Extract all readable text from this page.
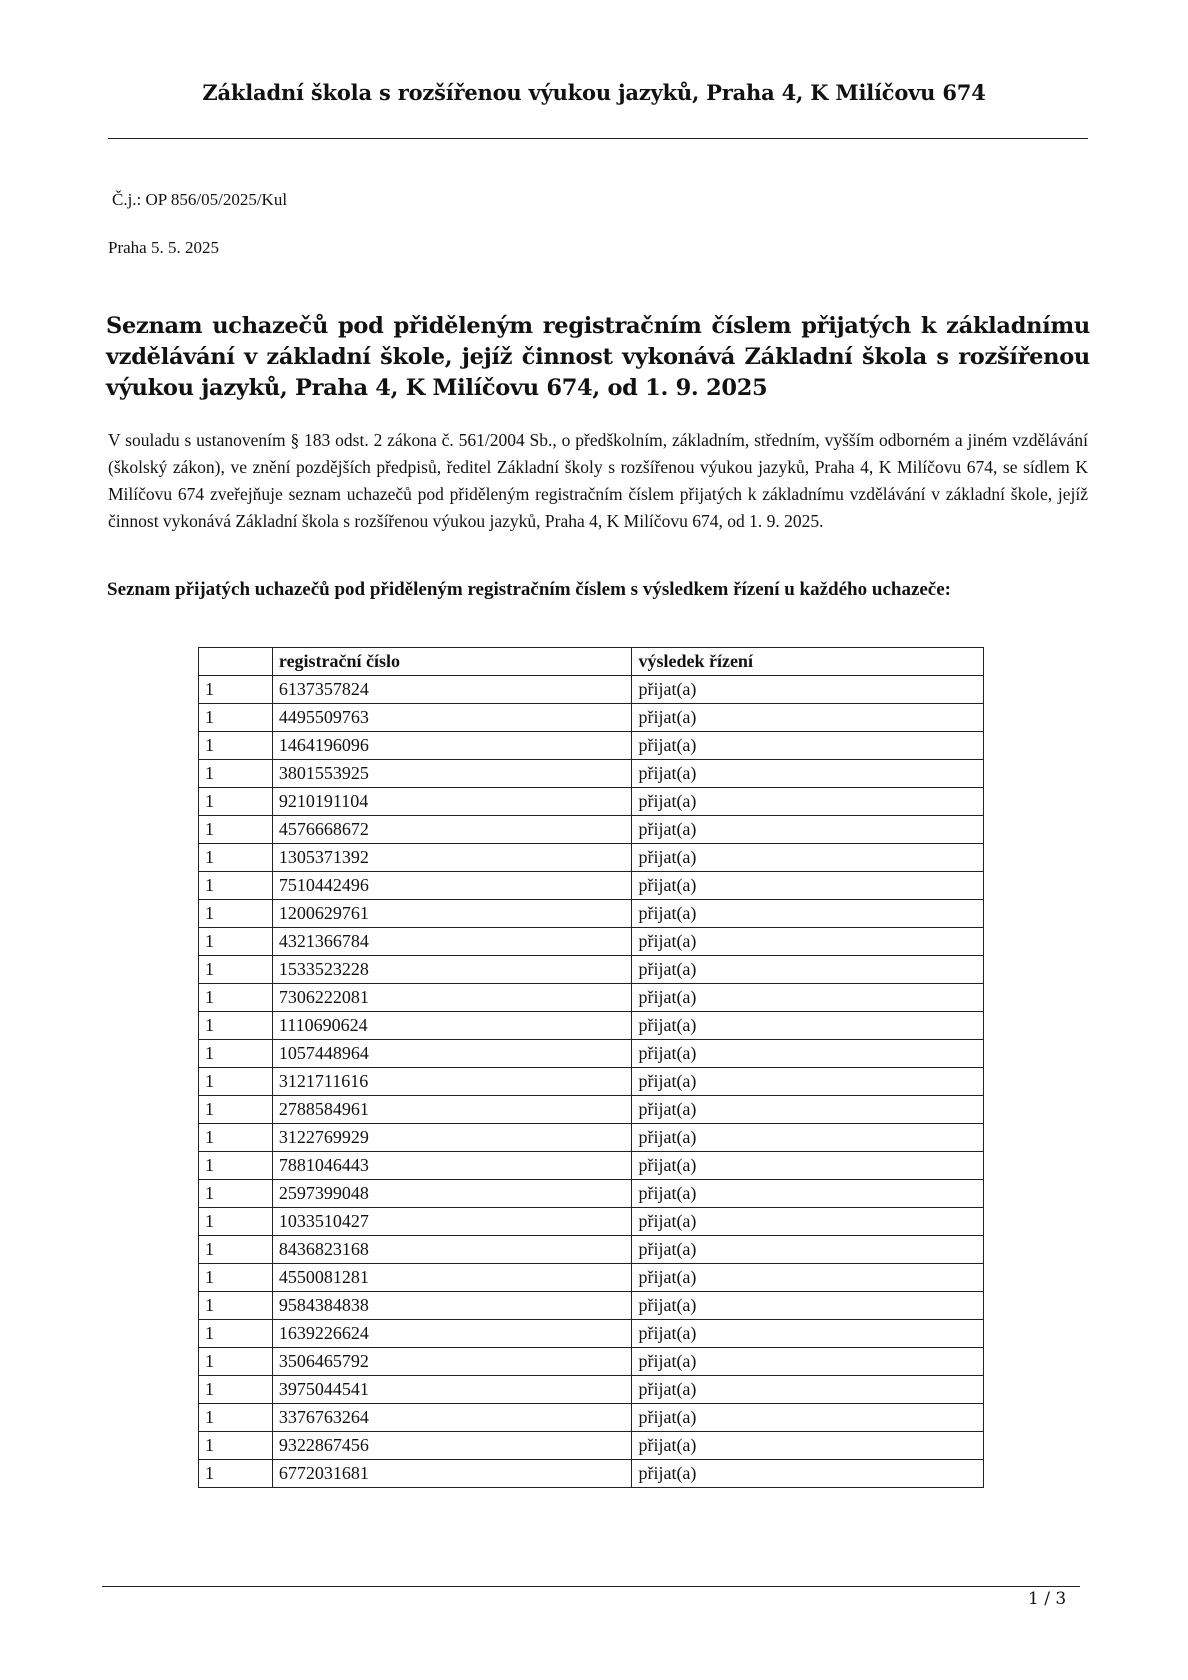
Základní škola s rozšířenou výukou jazyků, Praha 4, K Milíčovu 674
Č.j.: OP 856/05/2025/Kul
Praha 5. 5. 2025
Seznam uchazečů pod přiděleným registračním číslem přijatých k základnímu vzdělávání v základní škole, jejíž činnost vykonává Základní škola s rozšířenou výukou jazyků, Praha 4, K Milíčovu 674, od 1. 9. 2025
V souladu s ustanovením § 183 odst. 2 zákona č. 561/2004 Sb., o předškolním, základním, středním, vyšším odborném a jiném vzdělávání (školský zákon), ve znění pozdějších předpisů, ředitel Základní školy s rozšířenou výukou jazyků, Praha 4, K Milíčovu 674, se sídlem K Milíčovu 674 zveřejňuje seznam uchazečů pod přiděleným registračním číslem přijatých k základnímu vzdělávání v základní škole, jejíž činnost vykonává Základní škola s rozšířenou výukou jazyků, Praha 4, K Milíčovu 674, od 1. 9. 2025.
Seznam přijatých uchazečů pod přiděleným registračním číslem s výsledkem řízení u každého uchazeče:
	registrační číslo	výsledek řízení
1	6137357824	přijat(a)
1	4495509763	přijat(a)
1	1464196096	přijat(a)
1	3801553925	přijat(a)
1	9210191104	přijat(a)
1	4576668672	přijat(a)
1	1305371392	přijat(a)
1	7510442496	přijat(a)
1	1200629761	přijat(a)
1	4321366784	přijat(a)
1	1533523228	přijat(a)
1	7306222081	přijat(a)
1	1110690624	přijat(a)
1	1057448964	přijat(a)
1	3121711616	přijat(a)
1	2788584961	přijat(a)
1	3122769929	přijat(a)
1	7881046443	přijat(a)
1	2597399048	přijat(a)
1	1033510427	přijat(a)
1	8436823168	přijat(a)
1	4550081281	přijat(a)
1	9584384838	přijat(a)
1	1639226624	přijat(a)
1	3506465792	přijat(a)
1	3975044541	přijat(a)
1	3376763264	přijat(a)
1	9322867456	přijat(a)
1	6772031681	přijat(a)
1 / 3
